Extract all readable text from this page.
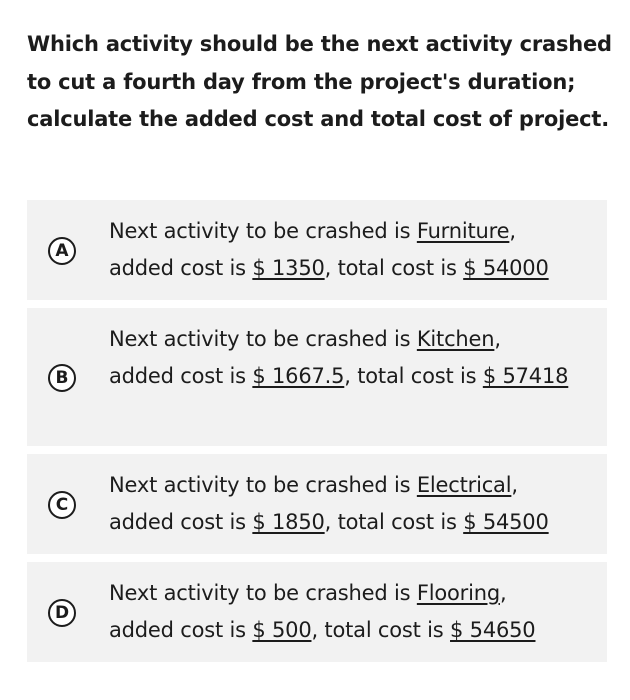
Which activity should be the next activity crashed to cut a fourth day from the project's duration; calculate the added cost and total cost of project.
A
Next activity to be crashed is Furniture,
added cost is $ 1350, total cost is $ 54000
B
Next activity to be crashed is Kitchen,
added cost is $ 1667.5, total cost is $ 57418
C
Next activity to be crashed is Electrical,
added cost is $ 1850, total cost is $ 54500
D
Next activity to be crashed is Flooring,
added cost is $ 500, total cost is $ 54650
